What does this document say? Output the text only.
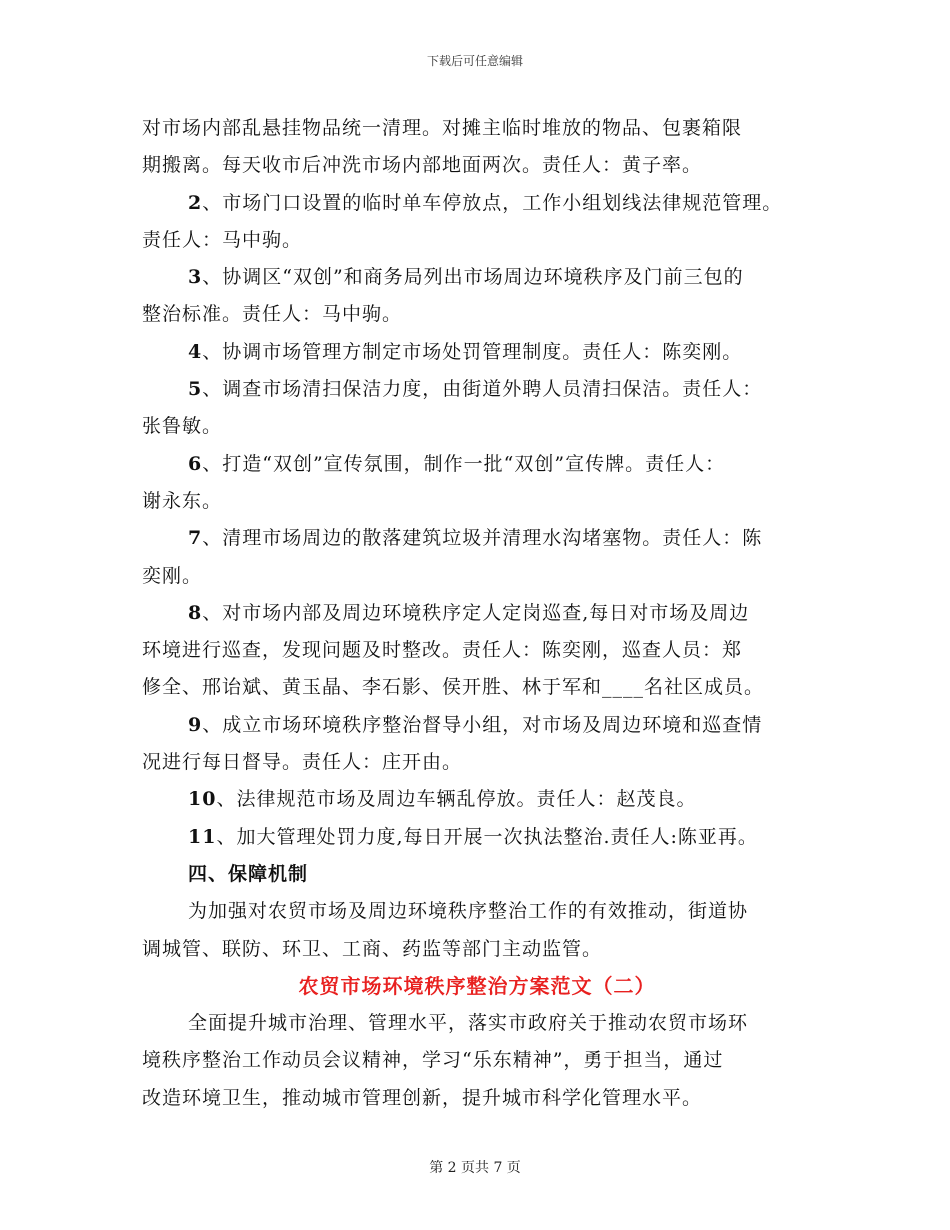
下载后可任意编辑

对市场内部乱悬挂物品统一清理。对摊主临时堆放的物品、包裹箱限

期搬离。每天收市后冲洗市场内部地面两次。责任人：黄子率。

2、市场门口设置的临时单车停放点，工作小组划线法律规范管理。

责任人：马中驹。

3、协调区“双创”和商务局列出市场周边环境秩序及门前三包的

整治标准。责任人：马中驹。

4、协调市场管理方制定市场处罚管理制度。责任人：陈奕刚。

5、调查市场清扫保洁力度，由街道外聘人员清扫保洁。责任人：

张鲁敏。

6、打造“双创”宣传氛围，制作一批“双创”宣传牌。责任人：

谢永东。

7、清理市场周边的散落建筑垃圾并清理水沟堵塞物。责任人：陈

奕刚。

8、对市场内部及周边环境秩序定人定岗巡查,每日对市场及周边

环境进行巡查，发现问题及时整改。责任人：陈奕刚，巡查人员：郑

修全、邢诒斌、黄玉晶、李石影、侯开胜、林于军和____名社区成员。

9、成立市场环境秩序整治督导小组，对市场及周边环境和巡查情

况进行每日督导。责任人：庄开由。

10、法律规范市场及周边车辆乱停放。责任人：赵茂良。

11、加大管理处罚力度,每日开展一次执法整治.责任人:陈亚再。

四、保障机制

为加强对农贸市场及周边环境秩序整治工作的有效推动，街道协

调城管、联防、环卫、工商、药监等部门主动监管。

农贸市场环境秩序整治方案范文（二）

全面提升城市治理、管理水平，落实市政府关于推动农贸市场环

境秩序整治工作动员会议精神，学习“乐东精神”，勇于担当，通过

改造环境卫生，推动城市管理创新，提升城市科学化管理水平。

第 2 页共 7 页
